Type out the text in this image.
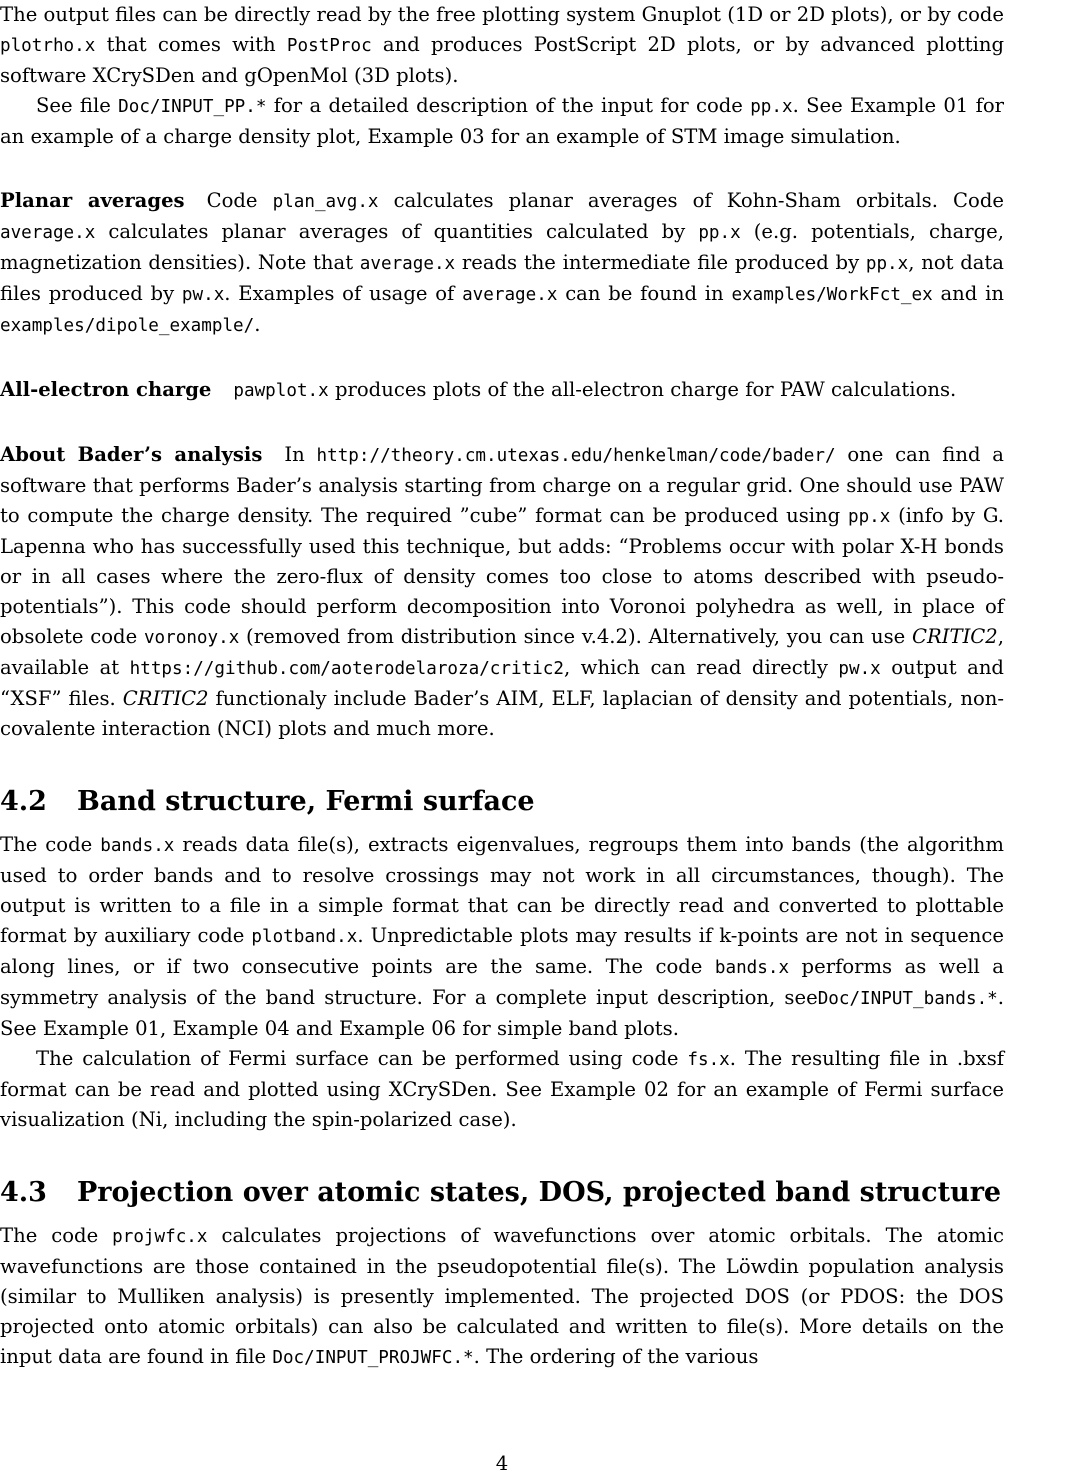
The output files can be directly read by the free plotting system Gnuplot (1D or 2D plots), or by code plotrho.x that comes with PostProc and produces PostScript 2D plots, or by advanced plotting software XCrySDen and gOpenMol (3D plots).

See file Doc/INPUT_PP.* for a detailed description of the input for code pp.x. See Example 01 for an example of a charge density plot, Example 03 for an example of STM image simulation.

Planar averages Code plan_avg.x calculates planar averages of Kohn-Sham orbitals. Code average.x calculates planar averages of quantities calculated by pp.x (e.g. potentials, charge, magnetization densities). Note that average.x reads the intermediate file produced by pp.x, not data files produced by pw.x. Examples of usage of average.x can be found in examples/WorkFct_ex and in examples/dipole_example/.

All-electron charge pawplot.x produces plots of the all-electron charge for PAW calculations.

About Bader’s analysis In http://theory.cm.utexas.edu/henkelman/code/bader/ one can find a software that performs Bader’s analysis starting from charge on a regular grid. One should use PAW to compute the charge density. The required ”cube” format can be produced using pp.x (info by G. Lapenna who has successfully used this technique, but adds: “Problems occur with polar X-H bonds or in all cases where the zero-flux of density comes too close to atoms described with pseudo-potentials”). This code should perform decomposition into Voronoi polyhedra as well, in place of obsolete code voronoy.x (removed from distribution since v.4.2). Alternatively, you can use CRITIC2, available at https://github.com/aoterodelaroza/critic2, which can read directly pw.x output and “XSF” files. CRITIC2 functionaly include Bader’s AIM, ELF, laplacian of density and potentials, non-covalente interaction (NCI) plots and much more.

4.2 Band structure, Fermi surface

The code bands.x reads data file(s), extracts eigenvalues, regroups them into bands (the algorithm used to order bands and to resolve crossings may not work in all circumstances, though). The output is written to a file in a simple format that can be directly read and converted to plottable format by auxiliary code plotband.x. Unpredictable plots may results if k-points are not in sequence along lines, or if two consecutive points are the same. The code bands.x performs as well a symmetry analysis of the band structure. For a complete input description, seeDoc/INPUT_bands.*. See Example 01, Example 04 and Example 06 for simple band plots.

The calculation of Fermi surface can be performed using code fs.x. The resulting file in .bxsf format can be read and plotted using XCrySDen. See Example 02 for an example of Fermi surface visualization (Ni, including the spin-polarized case).

4.3 Projection over atomic states, DOS, projected band structure

The code projwfc.x calculates projections of wavefunctions over atomic orbitals. The atomic wavefunctions are those contained in the pseudopotential file(s). The Löwdin population analysis (similar to Mulliken analysis) is presently implemented. The projected DOS (or PDOS: the DOS projected onto atomic orbitals) can also be calculated and written to file(s). More details on the input data are found in file Doc/INPUT_PROJWFC.*. The ordering of the various

4
